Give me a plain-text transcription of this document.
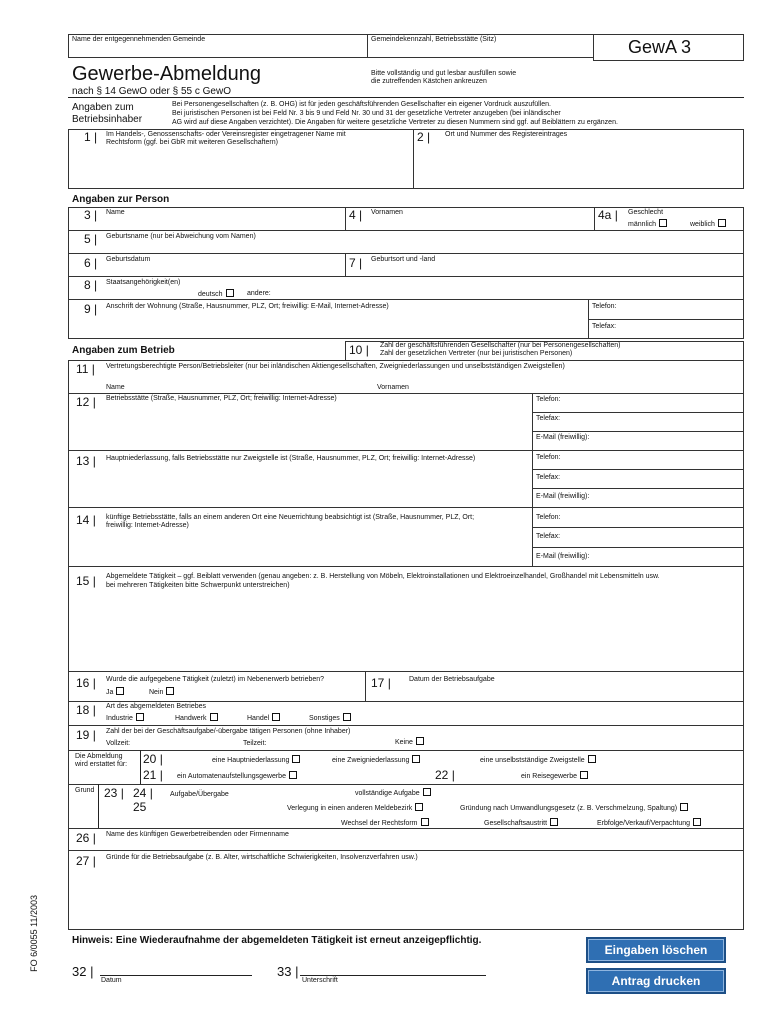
Name der entgegennehmenden Gemeinde	Gemeindekennzahl, Betriebsstätte (Sitz)	GewA 3
Gewerbe-Abmeldung
nach § 14 GewO oder § 55 c GewO
Bitte vollständig und gut lesbar ausfüllen sowie
die zutreffenden Kästchen ankreuzen
Angaben zum
Betriebsinhaber
Bei Personengesellschaften (z. B. OHG) ist für jeden geschäftsführenden Gesellschafter ein eigener Vordruck auszufüllen.
Bei juristischen Personen ist bei Feld Nr. 3 bis 9 und Feld Nr. 30 und 31 der gesetzliche Vertreter anzugeben (bei inländischer
AG wird auf diese Angaben verzichtet). Die Angaben für weitere gesetzliche Vertreter zu diesen Nummern sind ggf. auf Beiblättern zu ergänzen.
1 | Im Handels-, Genossenschafts- oder Vereinsregister eingetragener Name mit
Rechtsform (ggf. bei GbR mit weiteren Gesellschaftern)	2 | Ort und Nummer des Registereintrages
Angaben zur Person
3 | Name	4 | Vornamen	4a | Geschlecht
männlich	weiblich
5 | Geburtsname (nur bei Abweichung vom Namen)
6 | Geburtsdatum	7 | Geburtsort und -land
8 | Staatsangehörigkeit(en)
deutsch	andere:
9 | Anschrift der Wohnung (Straße, Hausnummer, PLZ, Ort; freiwillig: E-Mail, Internet-Adresse)	Telefon:
Telefax:
Angaben zum Betrieb	10 | Zahl der geschäftsführenden Gesellschafter (nur bei Personengesellschaften)
Zahl der gesetzlichen Vertreter (nur bei juristischen Personen)
11 | Vertretungsberechtigte Person/Betriebsleiter (nur bei inländischen Aktiengesellschaften, Zweigniederlassungen und unselbstständigen Zweigstellen)
Name	Vornamen
12 | Betriebsstätte (Straße, Hausnummer, PLZ, Ort; freiwillig: Internet-Adresse)	Telefon:
Telefax:
E-Mail (freiwillig):
13 | Hauptniederlassung, falls Betriebsstätte nur Zweigstelle ist (Straße, Hausnummer, PLZ, Ort; freiwillig: Internet-Adresse)	Telefon:
Telefax:
E-Mail (freiwillig):
14 | künftige Betriebsstätte, falls an einem anderen Ort eine Neuerrichtung beabsichtigt ist (Straße, Hausnummer, PLZ, Ort;
freiwillig: Internet-Adresse)
Telefon:
Telefax:
E-Mail (freiwillig):
15 | Abgemeldete Tätigkeit – ggf. Beiblatt verwenden (genau angeben: z. B. Herstellung von Möbeln, Elektroinstallationen und Elektroeinzelhandel, Großhandel mit Lebensmitteln usw.
bei mehreren Tätigkeiten bitte Schwerpunkt unterstreichen)
16 | Wurde die aufgegebene Tätigkeit (zuletzt) im Nebenerwerb betrieben?
Ja	Nein
17 |	Datum der Betriebsaufgabe
18 | Art des abgemeldeten Betriebes
Industrie	Handwerk	Handel	Sonstiges
19 | Zahl der bei der Geschäftsaufgabe/-übergabe tätigen Personen (ohne Inhaber)
Vollzeit:	Teilzeit:	Keine
Die Abmeldung
wird erstattet für: 20 |	eine Hauptniederlassung	eine Zweigniederlassung	eine unselbstständige Zweigstelle
21 | ein Automatenaufstellungsgewerbe	22 |	ein Reisegewerbe
Grund 23 | 24 | Aufgabe/Übergabe	vollständige Aufgabe
25	Verlegung in einen anderen Meldebezirk	Gründung nach Umwandlungsgesetz (z. B. Verschmelzung, Spaltung)
Wechsel der Rechtsform	Gesellschaftsaustritt	Erbfolge/Verkauf/Verpachtung
26 | Name des künftigen Gewerbetreibenden oder Firmenname
27 | Gründe für die Betriebsaufgabe (z. B. Alter, wirtschaftliche Schwierigkeiten, Insolvenzverfahren usw.)
FO 6/0055 11/2003	Hinweis: Eine Wiederaufnahme der abgemeldeten Tätigkeit ist erneut anzeigepflichtig.
32 |
Datum
33 |
Unterschrift
Eingaben löschen
Antrag drucken
